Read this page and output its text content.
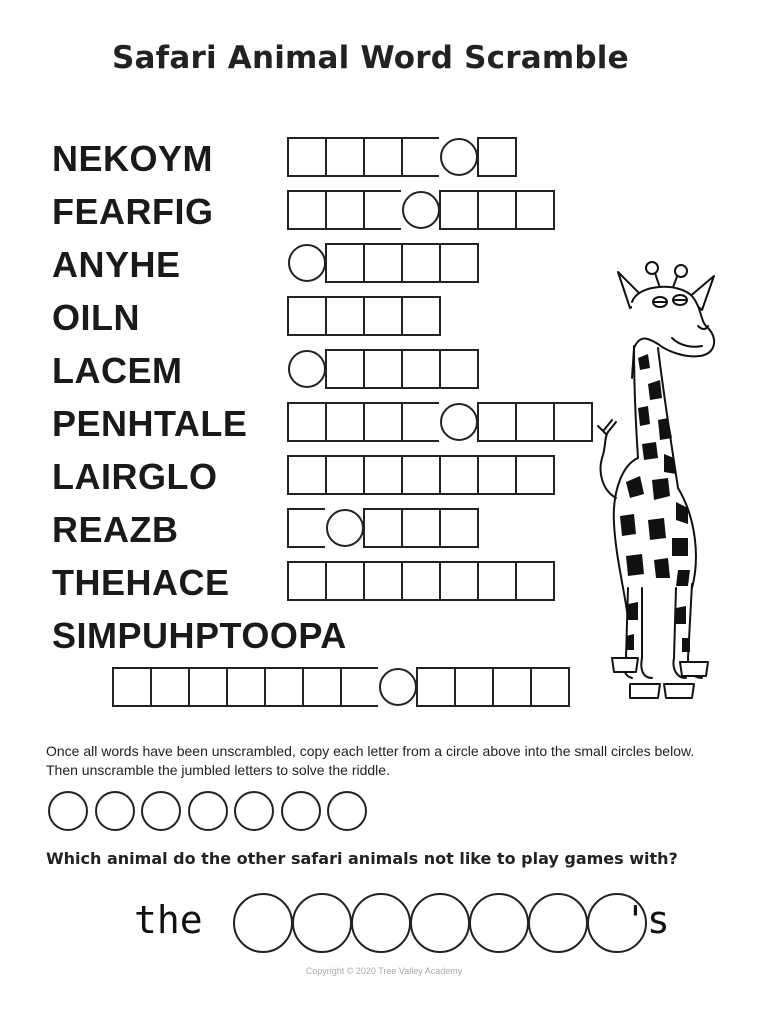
Safari Animal Word Scramble
NEKOYM
FEARFIG
ANYHE
OILN
LACEM
PENHTALE
LAIRGLO
REAZB
THEHACE
SIMPUHPTOOPA
Once all words have been unscrambled, copy each letter from a circle above into the small circles below.
Then unscramble the jumbled letters to solve the riddle.
Which animal do the other safari animals not like to play games with?
the	's
Copyright © 2020 Tree Valley Academy
